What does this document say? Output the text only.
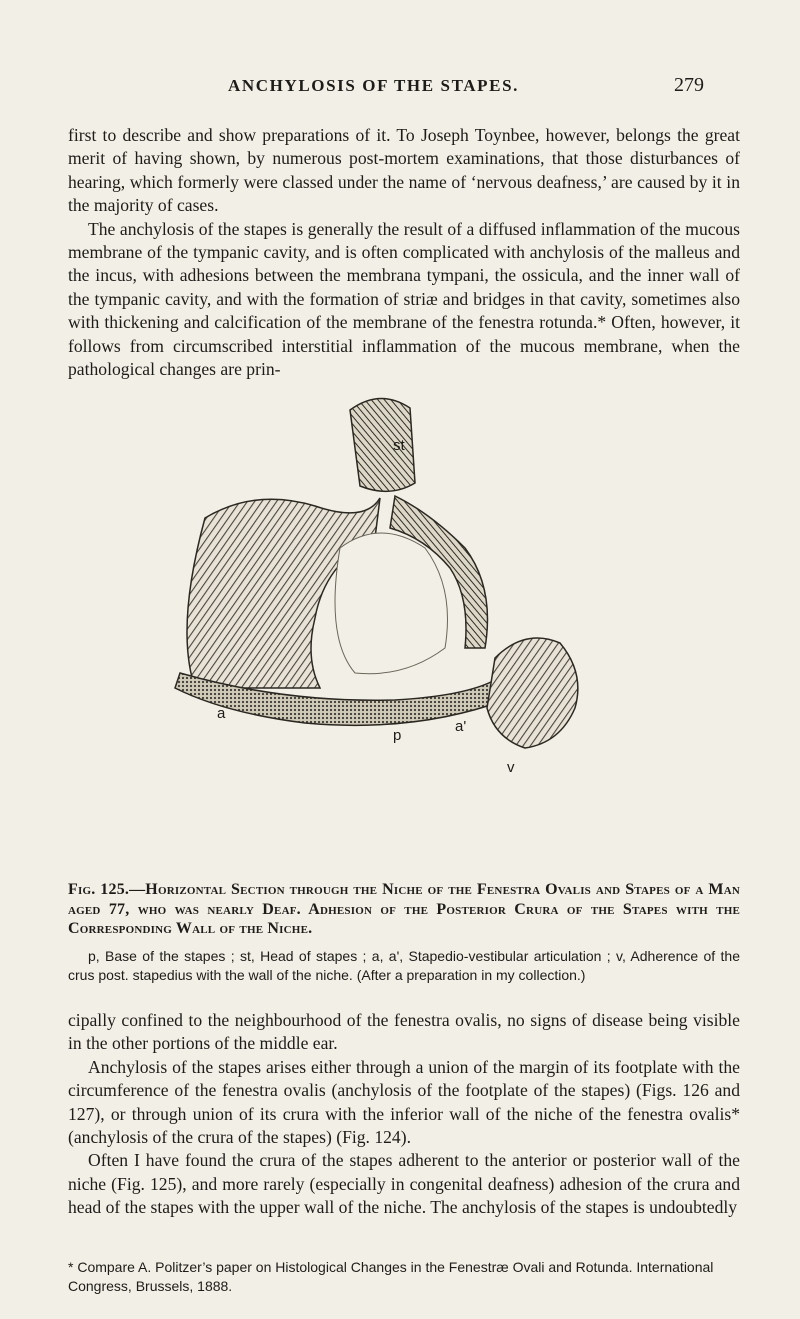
ANCHYLOSIS OF THE STAPES.	279

first to describe and show preparations of it. To Joseph Toynbee, however, belongs the great merit of having shown, by numerous post-mortem examinations, that those disturbances of hearing, which formerly were classed under the name of ‘nervous deafness,’ are caused by it in the majority of cases.

The anchylosis of the stapes is generally the result of a diffused inflammation of the mucous membrane of the tympanic cavity, and is often complicated with anchylosis of the malleus and the incus, with adhesions between the membrana tympani, the ossicula, and the inner wall of the tympanic cavity, and with the formation of striæ and bridges in that cavity, sometimes also with thickening and calcification of the membrane of the fenestra rotunda.* Often, however, it follows from circumscribed interstitial inflammation of the mucous membrane, when the pathological changes are prin-

st
a
p
a'
v

Fig. 125.—Horizontal Section through the Niche of the Fenestra Ovalis and Stapes of a Man aged 77, who was nearly Deaf. Adhesion of the Posterior Crura of the Stapes with the Corresponding Wall of the Niche.

p, Base of the stapes ; st, Head of stapes ; a, a', Stapedio-vestibular articulation ; v, Adherence of the crus post. stapedius with the wall of the niche. (After a preparation in my collection.)

cipally confined to the neighbourhood of the fenestra ovalis, no signs of disease being visible in the other portions of the middle ear.

Anchylosis of the stapes arises either through a union of the margin of its footplate with the circumference of the fenestra ovalis (anchylosis of the footplate of the stapes) (Figs. 126 and 127), or through union of its crura with the inferior wall of the niche of the fenestra ovalis* (anchylosis of the crura of the stapes) (Fig. 124).

Often I have found the crura of the stapes adherent to the anterior or posterior wall of the niche (Fig. 125), and more rarely (especially in congenital deafness) adhesion of the crura and head of the stapes with the upper wall of the niche. The anchylosis of the stapes is undoubtedly

* Compare A. Politzer’s paper on Histological Changes in the Fenestræ Ovali and Rotunda. International Congress, Brussels, 1888.
